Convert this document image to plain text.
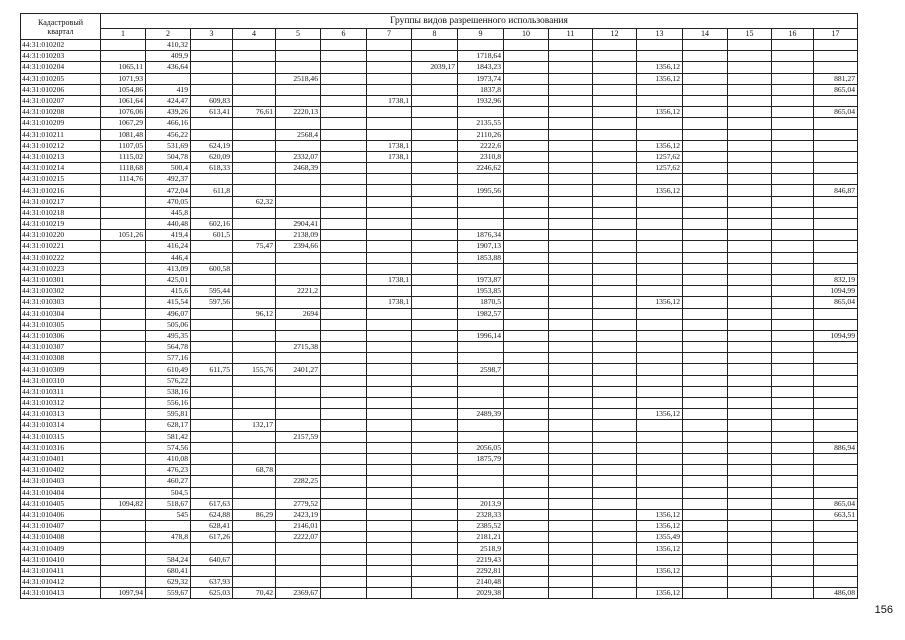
Кадастровый
квартал	Группы видов разрешенного использования																
	1	2	3	4	5	6	7	8	9	10	11	12	13	14	15	16	17
44:31:010202		410,32															
44:31:010203		409,9							1718,64								
44:31:010204	1065,11	436,64						2039,17	1843,23				1356,12				
44:31:010205	1071,93				2518,46				1973,74				1356,12				881,27
44:31:010206	1054,86	419							1837,8								865,04
44:31:010207	1061,64	424,47	609,83				1738,1		1932,96								
44:31:010208	1076,06	439,26	613,41	76,61	2220,13								1356,12				865,04
44:31:010209	1067,29	466,16							2135,55								
44:31:010211	1081,48	456,22			2568,4				2110,26								
44:31:010212	1107,05	531,69	624,19				1738,1		2222,6				1356,12				
44:31:010213	1115,02	504,78	620,09		2332,07		1738,1		2310,8				1257,62				
44:31:010214	1118,68	500,4	618,33		2468,39				2246,62				1257,62				
44:31:010215	1114,76	492,37															
44:31:010216		472,04	611,8						1995,56				1356,12				846,87
44:31:010217		470,05		62,32													
44:31:010218		445,8															
44:31:010219		440,48	602,16		2904,41												
44:31:010220	1051,26	419,4	601,5		2138,09				1876,34								
44:31:010221		416,24		75,47	2394,66				1907,13								
44:31:010222		446,4							1853,88								
44:31:010223		413,09	600,58														
44:31:010301		425,01					1738,1		1973,87								832,19
44:31:010302		415,6	595,44		2221,2				1953,85								1094,99
44:31:010303		415,54	597,56				1738,1		1870,5				1356,12				865,04
44:31:010304		496,07		96,12	2694				1982,57								
44:31:010305		505,06															
44:31:010306		495,35							1996,14								1094,99
44:31:010307		564,78			2715,38												
44:31:010308		577,16															
44:31:010309		610,49	611,75	155,76	2401,27				2598,7								
44:31:010310		576,22															
44:31:010311		538,16															
44:31:010312		556,16															
44:31:010313		595,81							2489,39				1356,12				
44:31:010314		628,17		132,17													
44:31:010315		581,42			2157,59												
44:31:010316		574,56							2056,05								886,94
44:31:010401		410,08							1875,79								
44:31:010402		476,23		68,78													
44:31:010403		460,27			2282,25												
44:31:010404		504,5															
44:31:010405	1094,82	518,67	617,63		2779,52				2013,9								865,04
44:31:010406		545	624,88	86,29	2423,19				2328,33				1356,12				663,51
44:31:010407			628,41		2146,01				2385,52				1356,12				
44:31:010408		478,8	617,26		2222,07				2181,21				1355,49				
44:31:010409									2518,9				1356,12				
44:31:010410		584,24	640,67						2219,43								
44:31:010411		680,41							2292,81				1356,12				
44:31:010412		629,32	637,93						2140,48								
44:31:010413	1097,94	559,67	625,03	70,42	2369,67				2029,38				1356,12				486,08
156
